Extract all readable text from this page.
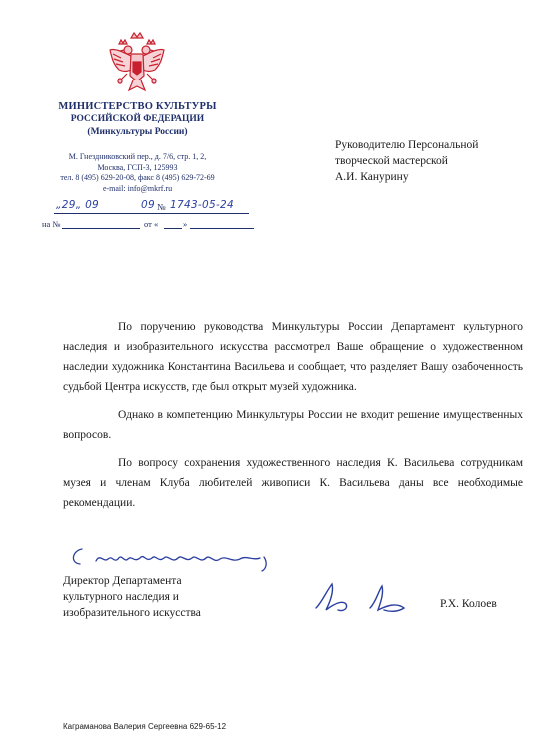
МИНИСТЕРСТВО КУЛЬТУРЫ
РОССИЙСКОЙ ФЕДЕРАЦИИ
(Минкультуры России)
М. Гнездниковский пер., д. 7/6, стр. 1, 2,
Москва, ГСП-3, 125993
тел. 8 (495) 629-20-08, факс 8 (495) 629-72-69
e-mail: info@mkrf.ru
„29„ 09	09 № 1743-05-24
на №	от «	»
Руководителю Персональной
творческой мастерской
А.И. Канурину

По поручению руководства Минкультуры России Департамент культурного наследия и изобразительного искусства рассмотрел Ваше обращение о художественном наследии художника Константина Васильева и сообщает, что разделяет Вашу озабоченность судьбой Центра искусств, где был открыт музей художника.

Однако в компетенцию Минкультуры России не входит решение имущественных вопросов.

По вопросу сохранения художественного наследия К. Васильева сотрудникам музея и членам Клуба любителей живописи К. Васильева даны все необходимые рекомендации.

Директор Департамента
культурного наследия и
изобразительного искусства
Р.Х. Колоев
Каграманова Валерия Сергеевна 629-65-12
